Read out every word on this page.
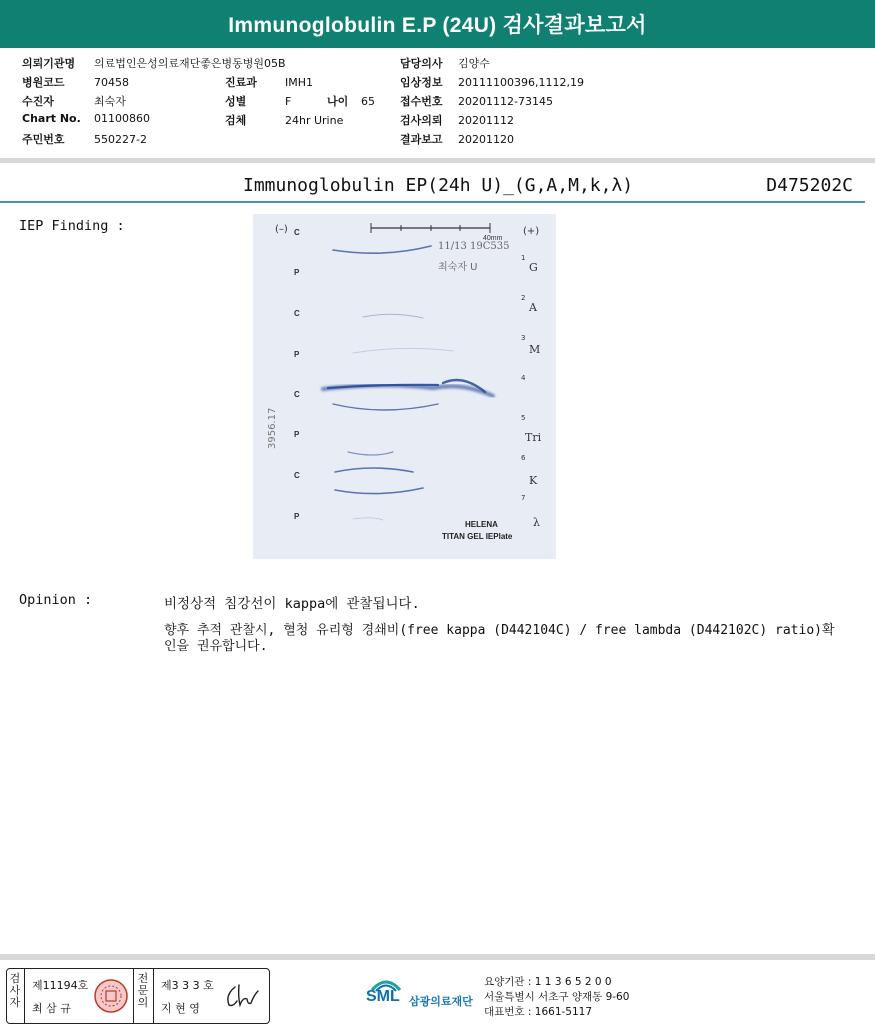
Immunoglobulin E.P (24U) 검사결과보고서
의뢰기관명 의료법인은성의료재단좋은병동병원05B
병원코드	70458
수진자	최숙자
Chart No. 01100860
주민번호	550227-2
진료과	IMH1
성별	F	나이 65
검체	24hr Urine
담당의사 김양수
임상정보 20111100396,1112,19
접수번호 20201112-73145
검사의뢰 20201112
결과보고 20201120
Immunoglobulin EP(24h U)_(G,A,M,k,λ)	D475202C
IEP Finding :
40mm
(–)	(+)
11/13 19C535
최숙자 U
3956.17
C
P
C
P
C
P
C
P
1
2
3
4
5
6
7
G
A
M
Tri
K
λ
HELENA
TITAN GEL IEPlate
Opinion :	비정상적 침강선이 kappa에 관찰됩니다.
향후 추적 관찰시, 혈청 유리형 경쇄비(free kappa (D442104C) / free lambda (D442102C) ratio)확인을 권유합니다.
검
사
자
제11194호
최 삼 규
전
문
의
제3 3 3 호
지 현 영
SML 삼광의료재단
요양기관 : 1 1 3 6 5 2 0 0
서울특별시 서초구 양재동 9-60
대표번호 : 1661-5117
